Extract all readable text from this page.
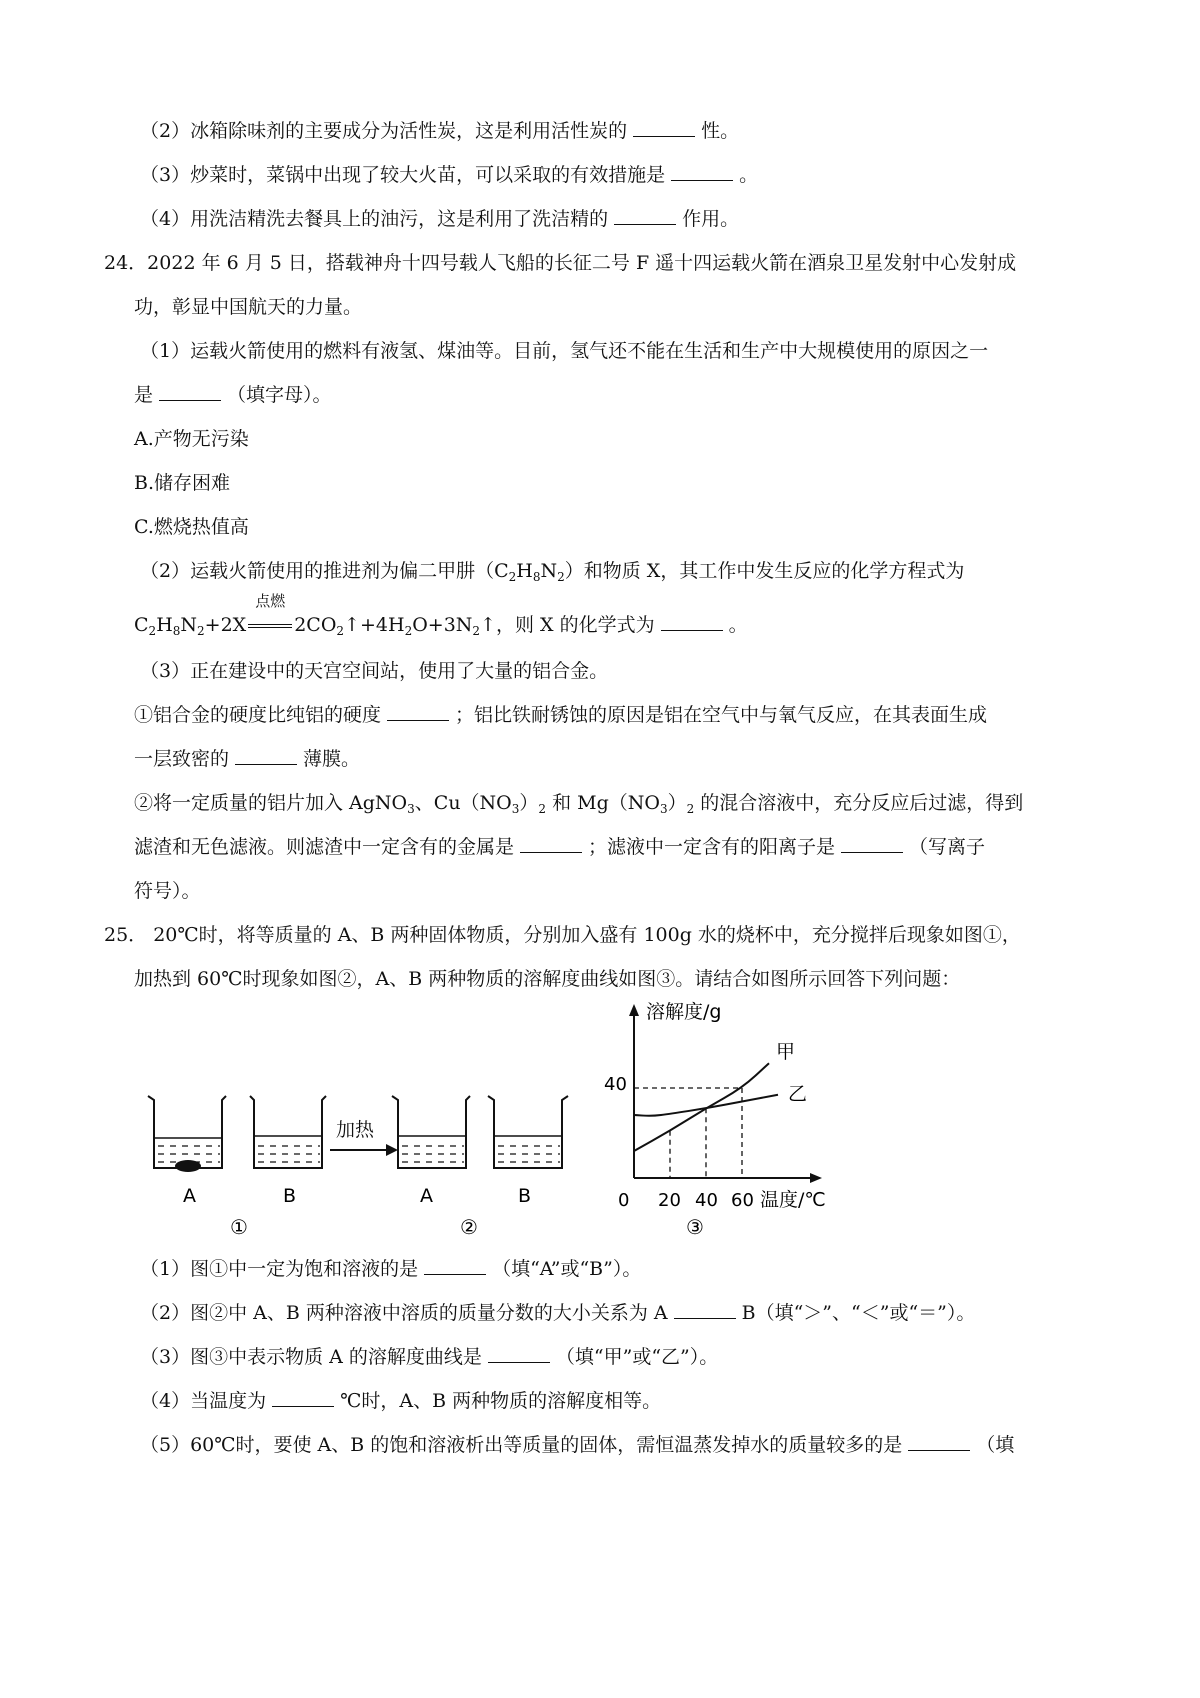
（2）冰箱除味剂的主要成分为活性炭，这是利用活性炭的	性。
（3）炒菜时，菜锅中出现了较大火苗，可以采取的有效措施是	。
（4）用洗洁精洗去餐具上的油污，这是利用了洗洁精的	作用。
24．2022 年 6 月 5 日，搭载神舟十四号载人飞船的长征二号 F 遥十四运载火箭在酒泉卫星发射中心发射成
功，彰显中国航天的力量。
（1）运载火箭使用的燃料有液氢、煤油等。目前，氢气还不能在生活和生产中大规模使用的原因之一
是	（填字母）。
A.产物无污染
B.储存困难
C.燃烧热值高
（2）运载火箭使用的推进剂为偏二甲肼$(C_2H_8N_2)$和物质 X，其工作中发生反应的化学方程式为
$C_2H_8N_2+2X$
点燃
$2CO_2↑+4H_2O+3N_2↑$，则 X 的化学式为	。
（3）正在建设中的天宫空间站，使用了大量的铝合金。
①铝合金的硬度比纯铝的硬度	；铝比铁耐锈蚀的原因是铝在空气中与氧气反应，在其表面生成
一层致密的	薄膜。
②将一定质量的铝片加入 AgNO$_3$、$Cu(NO_3)_2$ 和 $Mg(NO_3)_2$ 的混合溶液中，充分反应后过滤，得到
滤渣和无色滤液。则滤渣中一定含有的金属是	；滤液中一定含有的阳离子是	（写离子
符号）。
25． 20℃时，将等质量的 A、B 两种固体物质，分别加入盛有 100g 水的烧杯中，充分搅拌后现象如图①，
加热到 60℃时现象如图②，A、B 两种物质的溶解度曲线如图③。请结合如图所示回答下列问题：
加热
A	B	A	B
①	②
溶解度/g
温度/℃
40
0 20 40 60
甲
乙
③
（1）图①中一定为饱和溶液的是	（填“A”或“B”）。
（2）图②中 A、B 两种溶液中溶质的质量分数的大小关系为 A	B（填“＞”、“＜”或“＝”）。
（3）图③中表示物质 A 的溶解度曲线是	（填“甲”或“乙”）。
（4）当温度为	℃时，A、B 两种物质的溶解度相等。
（5）60℃时，要使 A、B 的饱和溶液析出等质量的固体，需恒温蒸发掉水的质量较多的是	（填
